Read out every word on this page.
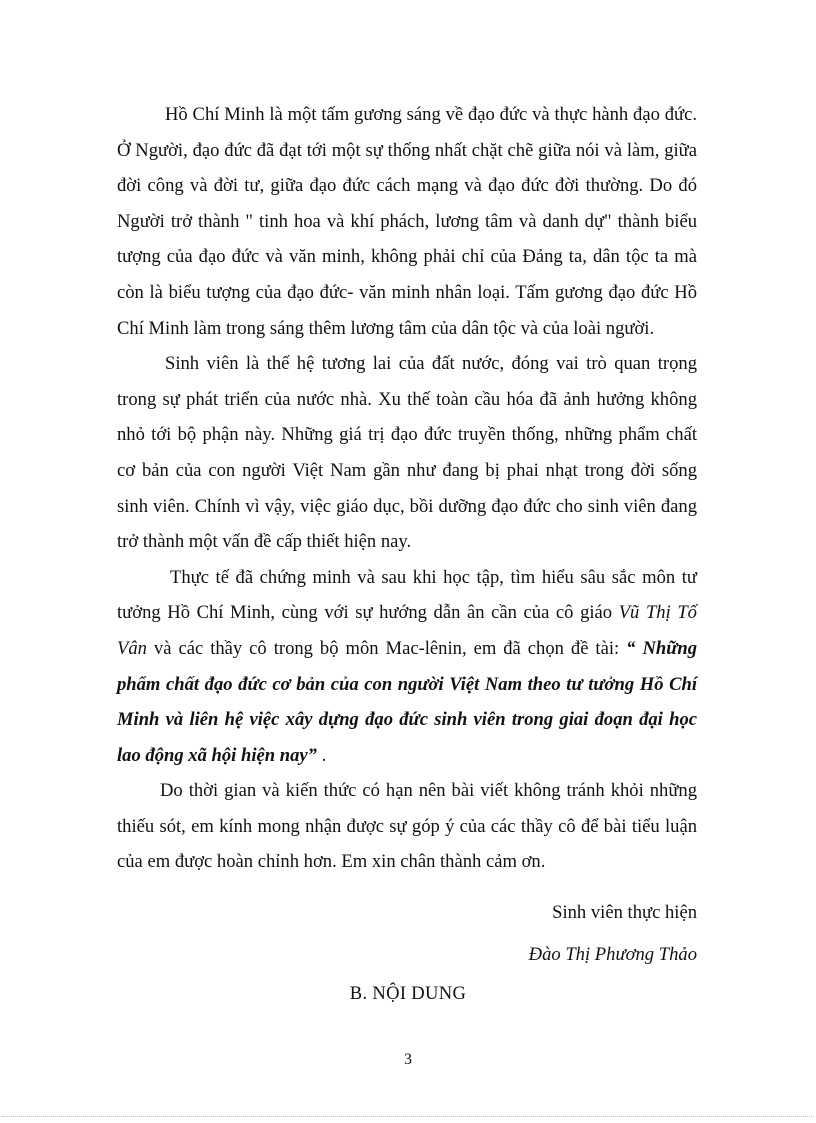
Hồ Chí Minh là một tấm gương sáng về đạo đức và thực hành đạo đức. Ở Người, đạo đức đã đạt tới một sự thống nhất chặt chẽ giữa nói và làm, giữa đời công và đời tư, giữa đạo đức cách mạng và đạo đức đời thường. Do đó Người trở thành " tinh hoa và khí phách, lương tâm và danh dự" thành biểu tượng của đạo đức và văn minh, không phải chỉ của Đảng ta, dân tộc ta mà còn là biểu tượng của đạo đức- văn minh nhân loại. Tấm gương đạo đức Hồ Chí Minh làm trong sáng thêm lương tâm của dân tộc và của loài người.

Sinh viên là thế hệ tương lai của đất nước, đóng vai trò quan trọng trong sự phát triển của nước nhà. Xu thế toàn cầu hóa đã ảnh hưởng không nhỏ tới bộ phận này. Những giá trị đạo đức truyền thống, những phẩm chất cơ bản của con người Việt Nam gần như đang bị phai nhạt trong đời sống sinh viên. Chính vì vậy, việc giáo dục, bồi dưỡng đạo đức cho sinh viên đang trở thành một vấn đề cấp thiết hiện nay.

Thực tế đã chứng minh và sau khi học tập, tìm hiểu sâu sắc môn tư tưởng Hồ Chí Minh, cùng với sự hướng dẫn ân cần của cô giáo Vũ Thị Tố Vân và các thầy cô trong bộ môn Mac-lênin, em đã chọn đề tài: “ Những phẩm chất đạo đức cơ bản của con người Việt Nam theo tư tưởng Hồ Chí Minh và liên hệ việc xây dựng đạo đức sinh viên trong giai đoạn đại học lao động xã hội hiện nay” .

Do thời gian và kiến thức có hạn nên bài viết không tránh khỏi những thiếu sót, em kính mong nhận được sự góp ý của các thầy cô để bài tiểu luận của em được hoàn chỉnh hơn. Em xin chân thành cảm ơn.

Sinh viên thực hiện
Đào Thị Phương Thảo
B. NỘI DUNG
3
